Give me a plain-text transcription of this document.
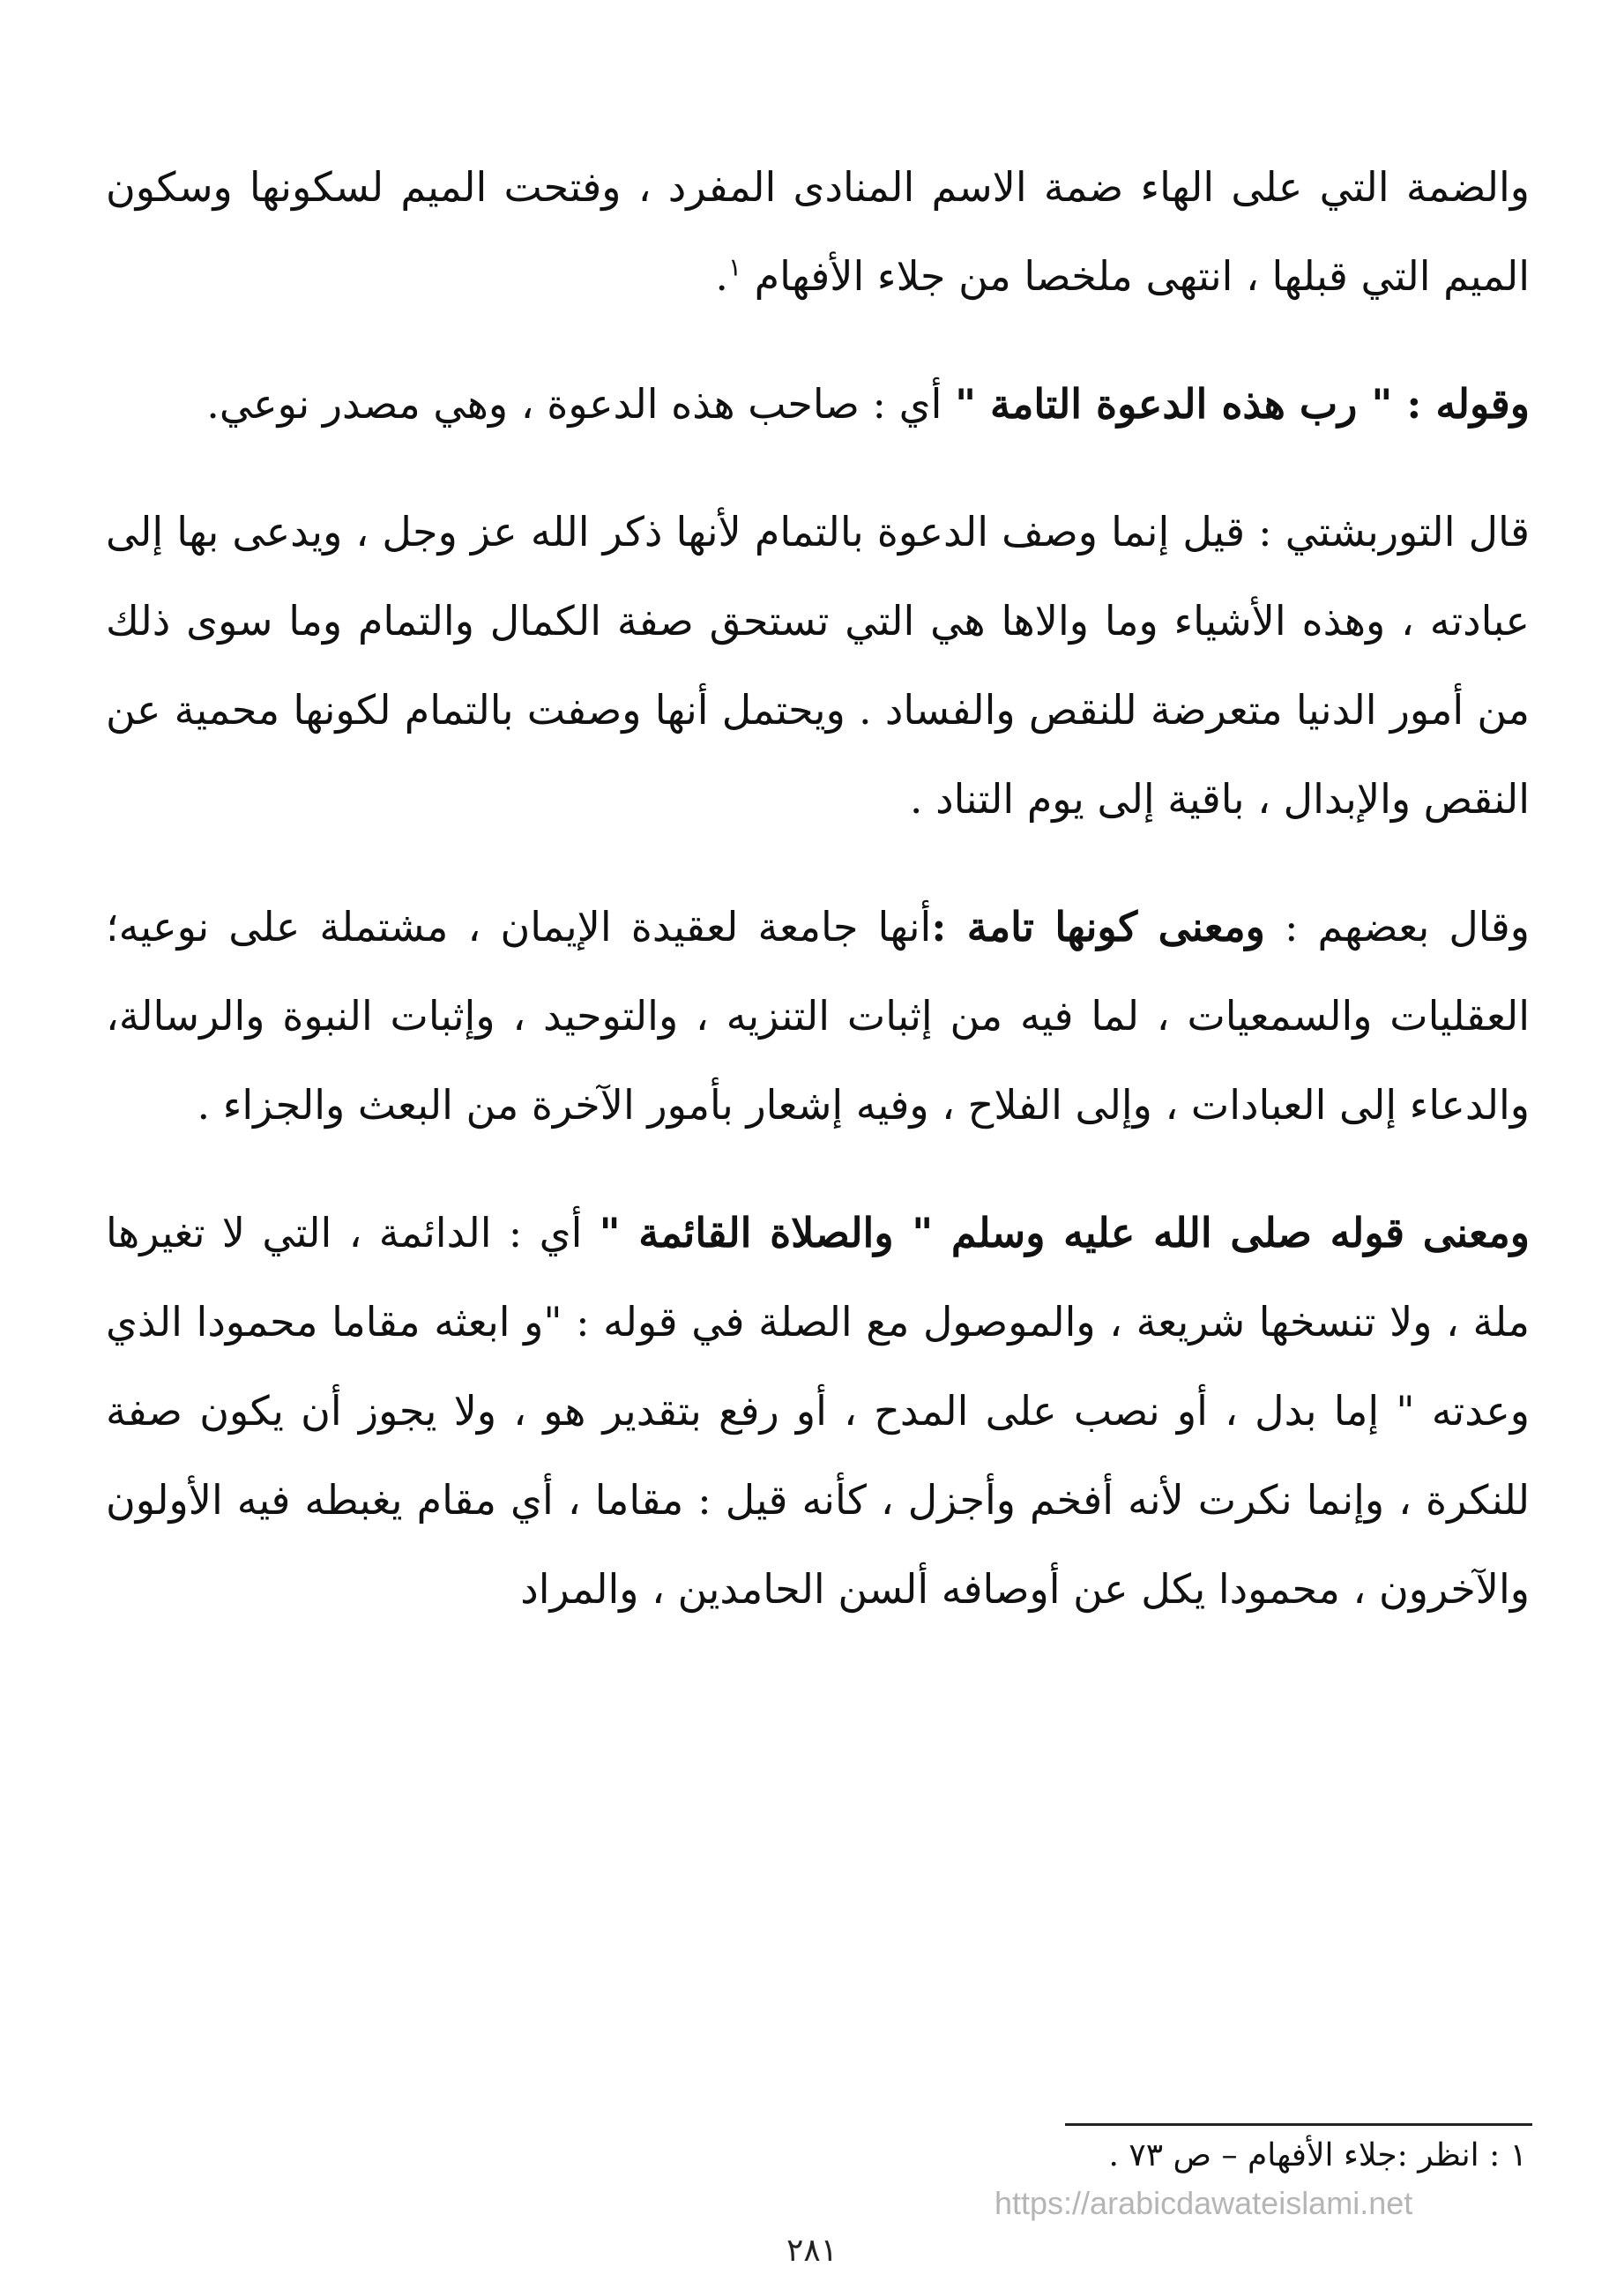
والضمة التي على الهاء ضمة الاسم المنادى المفرد ، وفتحت الميم لسكونها وسكون الميم التي قبلها ، انتهى ملخصا من جلاء الأفهام $^١$.

وقوله : " رب هذه الدعوة التامة " أي : صاحب هذه الدعوة ، وهي مصدر نوعي.

قال التوربشتي : قيل إنما وصف الدعوة بالتمام لأنها ذكر الله عز وجل ، ويدعى بها إلى عبادته ، وهذه الأشياء وما والاها هي التي تستحق صفة الكمال والتمام وما سوى ذلك من أمور الدنيا متعرضة للنقص والفساد . ويحتمل أنها وصفت بالتمام لكونها محمية عن النقص والإبدال ، باقية إلى يوم التناد .

وقال بعضهم : ومعنى كونها تامة :أنها جامعة لعقيدة الإيمان ، مشتملة على نوعيه؛ العقليات والسمعيات ، لما فيه من إثبات التنزيه ، والتوحيد ، وإثبات النبوة والرسالة، والدعاء إلى العبادات ، وإلى الفلاح ، وفيه إشعار بأمور الآخرة من البعث والجزاء .

ومعنى قوله صلى الله عليه وسلم " والصلاة القائمة " أي : الدائمة ، التي لا تغيرها ملة ، ولا تنسخها شريعة ، والموصول مع الصلة في قوله : "و ابعثه مقاما محمودا الذي وعدته " إما بدل ، أو نصب على المدح ، أو رفع بتقدير هو ، ولا يجوز أن يكون صفة للنكرة ، وإنما نكرت لأنه أفخم وأجزل ، كأنه قيل : مقاما ، أي مقام يغبطه فيه الأولون والآخرون ، محمودا يكل عن أوصافه ألسن الحامدين ، والمراد

١ : انظر :جلاء الأفهام – ص ٧٣ .
https://arabicdawateislami.net
٢٨١
